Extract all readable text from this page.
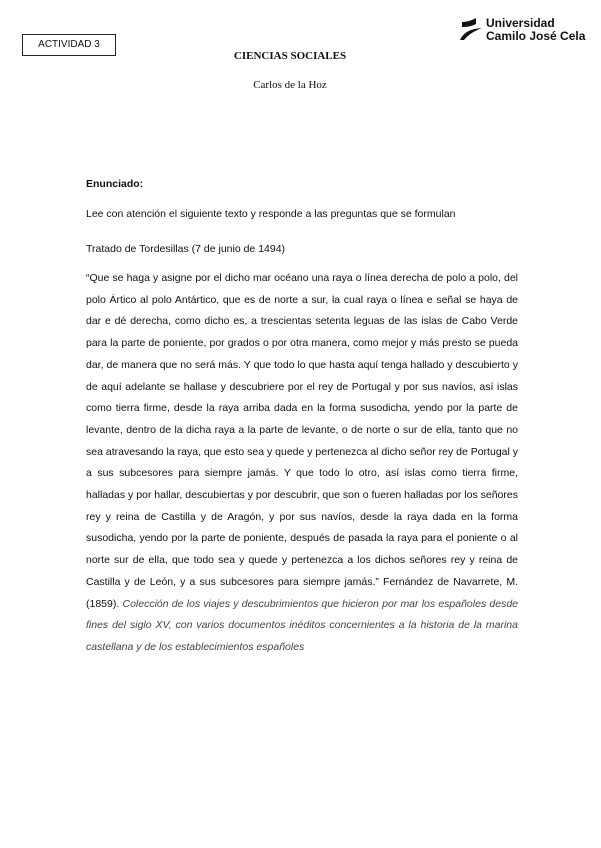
ACTIVIDAD 3
Universidad
Camilo José Cela
CIENCIAS SOCIALES
Carlos de la Hoz
Enunciado:
Lee con atención el siguiente texto y responde a las preguntas que se formulan
Tratado de Tordesillas (7 de junio de 1494)

“Que se haga y asigne por el dicho mar océano una raya o línea derecha de polo a polo, del polo Ártico al polo Antártico, que es de norte a sur, la cual raya o línea e señal se haya de dar e dé derecha, como dicho es, a trescientas setenta leguas de las islas de Cabo Verde para la parte de poniente, por grados o por otra manera, como mejor y más presto se pueda dar, de manera que no será más. Y que todo lo que hasta aquí tenga hallado y descubierto y de aquí adelante se hallase y descubriere por el rey de Portugal y por sus navíos, así islas como tierra firme, desde la raya arriba dada en la forma susodicha, yendo por la parte de levante, dentro de la dicha raya a la parte de levante, o de norte o sur de ella, tanto que no sea atravesando la raya, que esto sea y quede y pertenezca al dicho señor rey de Portugal y a sus subcesores para siempre jamás. Y que todo lo otro, así islas como tierra firme, halladas y por hallar, descubiertas y por descubrir, que son o fueren halladas por los señores rey y reina de Castilla y de Aragón, y por sus navíos, desde la raya dada en la forma susodicha, yendo por la parte de poniente, después de pasada la raya para el poniente o al norte sur de ella, que todo sea y quede y pertenezca a los dichos señores rey y reina de Castilla y de León, y a sus subcesores para siempre jamás.” Fernández de Navarrete, M. (1859). Colección de los viajes y descubrimientos que hicieron por mar los españoles desde fines del siglo XV, con varios documentos inéditos concernientes a la historia de la marina castellana y de los establecimientos españoles
